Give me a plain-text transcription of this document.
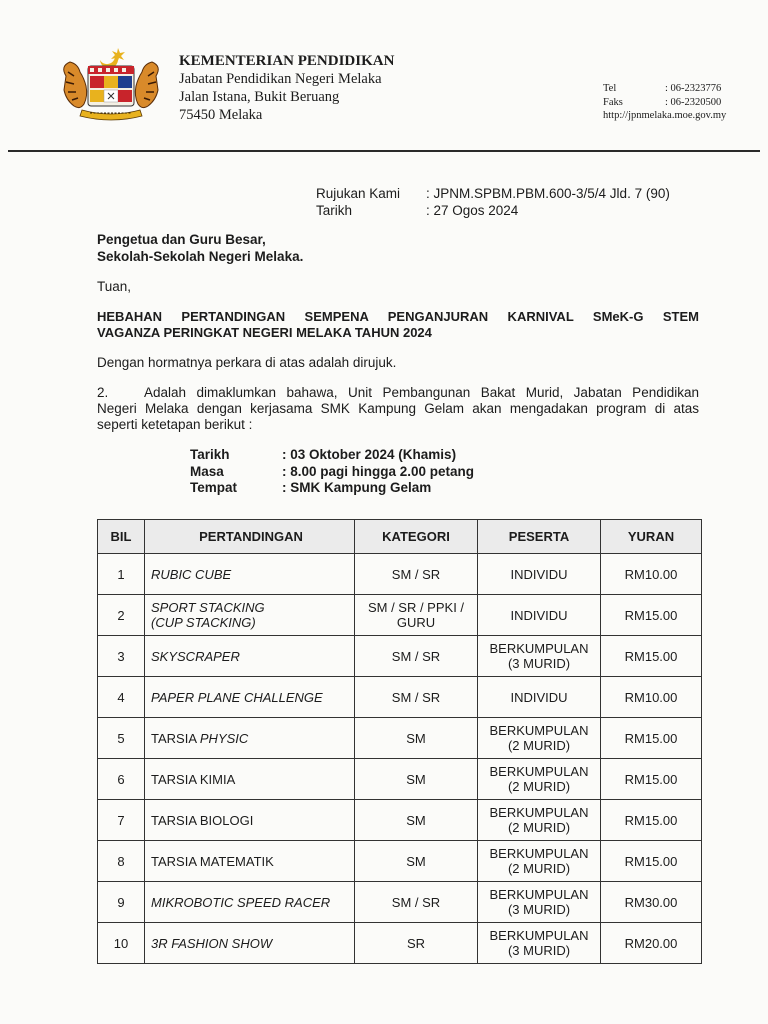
KEMENTERIAN PENDIDIKAN
Jabatan Pendidikan Negeri Melaka
Jalan Istana, Bukit Beruang
75450 Melaka
Tel	: 06-2323776
Faks	: 06-2320500
http://jpnmelaka.moe.gov.my
Rujukan Kami	: JPNM.SPBM.PBM.600-3/5/4 Jld. 7 (90)
Tarikh	: 27 Ogos 2024
Pengetua dan Guru Besar,
Sekolah-Sekolah Negeri Melaka.
Tuan,
HEBAHAN PERTANDINGAN SEMPENA PENGANJURAN KARNIVAL SMeK-G STEM
VAGANZA PERINGKAT NEGERI MELAKA TAHUN 2024
Dengan hormatnya perkara di atas adalah dirujuk.
2.	Adalah dimaklumkan bahawa, Unit Pembangunan Bakat Murid, Jabatan Pendidikan
Negeri Melaka dengan kerjasama SMK Kampung Gelam akan mengadakan program di atas
seperti ketetapan berikut :
Tarikh	: 03 Oktober 2024 (Khamis)
Masa	: 8.00 pagi hingga 2.00 petang
Tempat	: SMK Kampung Gelam
BIL	PERTANDINGAN	KATEGORI	PESERTA	YURAN
1	RUBIC CUBE	SM / SR	INDIVIDU	RM10.00
2	SPORT STACKING
(CUP STACKING)	SM / SR / PPKI /
GURU	INDIVIDU	RM15.00
3	SKYSCRAPER	SM / SR	BERKUMPULAN
(3 MURID)	RM15.00
4	PAPER PLANE CHALLENGE	SM / SR	INDIVIDU	RM10.00
5	TARSIA PHYSIC	SM	BERKUMPULAN
(2 MURID)	RM15.00
6	TARSIA KIMIA	SM	BERKUMPULAN
(2 MURID)	RM15.00
7	TARSIA BIOLOGI	SM	BERKUMPULAN
(2 MURID)	RM15.00
8	TARSIA MATEMATIK	SM	BERKUMPULAN
(2 MURID)	RM15.00
9	MIKROBOTIC SPEED RACER	SM / SR	BERKUMPULAN
(3 MURID)	RM30.00
10	3R FASHION SHOW	SR	BERKUMPULAN
(3 MURID)	RM20.00
